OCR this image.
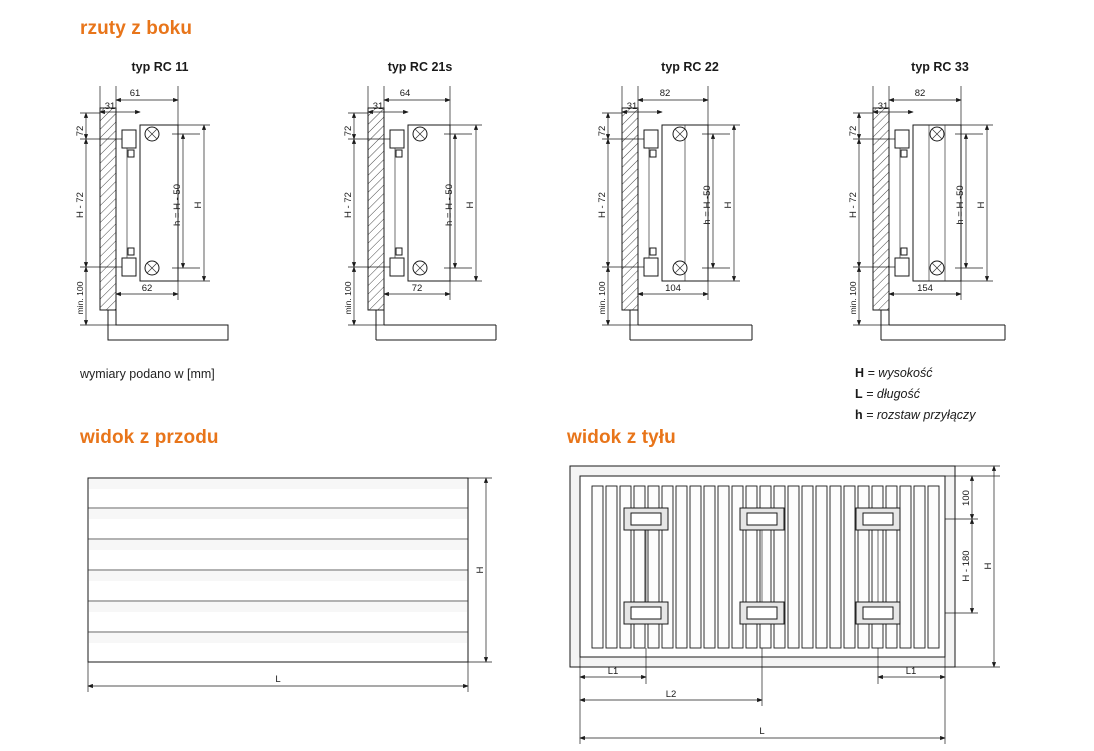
rzuty z boku
widok z przodu	widok z tyłu
typ RC 11	typ RC 21s	typ RC 22	typ RC 33
wymiary podano w [mm]	H = wysokość
L = długość
h = rozstaw przyłączy
61
31
72
H - 72
min. 100
h = H - 50 H
62
64
31
72
H - 72
min. 100
h = H - 50 H
72
82
31
72
H - 72
min. 100
h = H -50 H
104
82
31
72
H - 72
min. 100
h = H -50 H
154
H
L
100
H - 180 H
L1	L1
L2
L
